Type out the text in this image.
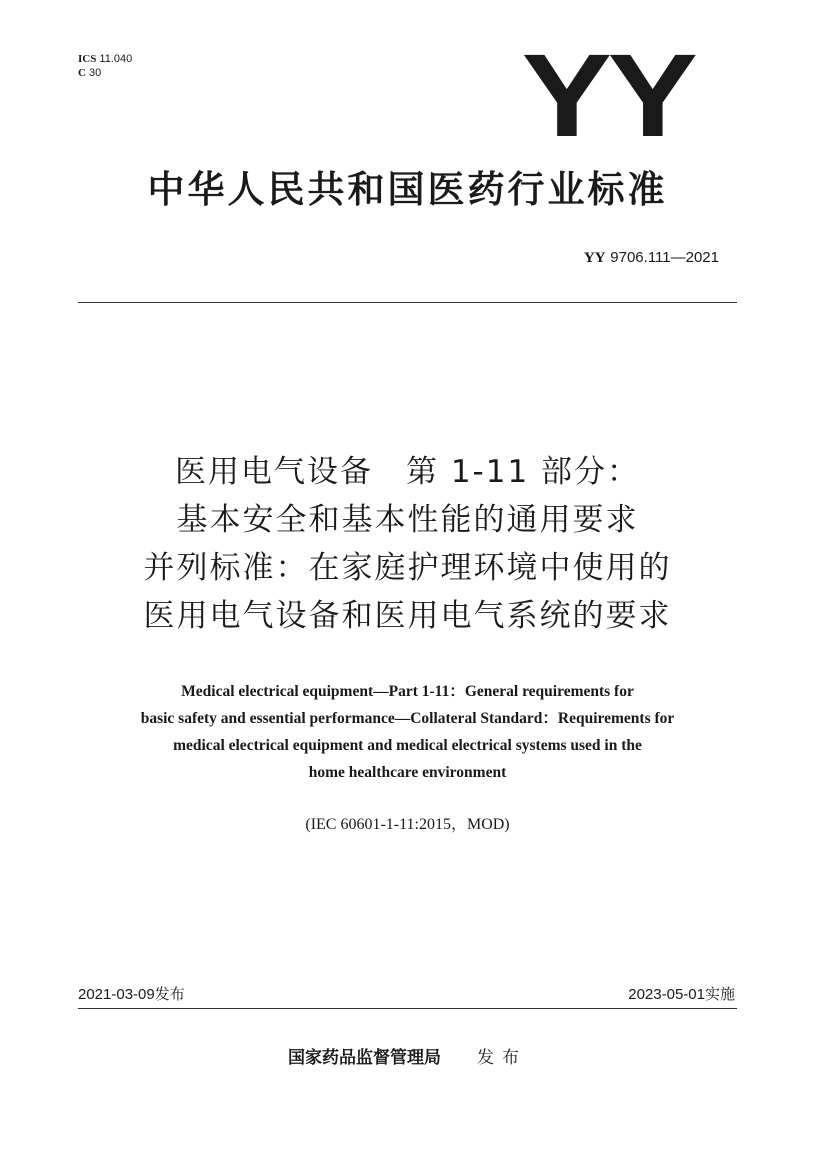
ICS 11.040
C 30	YY
中华人民共和国医药行业标准
YY 9706.111—2021
医用电气设备　第 1-11 部分：
基本安全和基本性能的通用要求
并列标准：在家庭护理环境中使用的
医用电气设备和医用电气系统的要求
Medical electrical equipment—Part 1-11：General requirements for
basic safety and essential performance—Collateral Standard：Requirements for
medical electrical equipment and medical electrical systems used in the
home healthcare environment
(IEC 60601-1-11:2015，MOD)
2021-03-09发布	2023-05-01实施
国家药品监督管理局 发布
